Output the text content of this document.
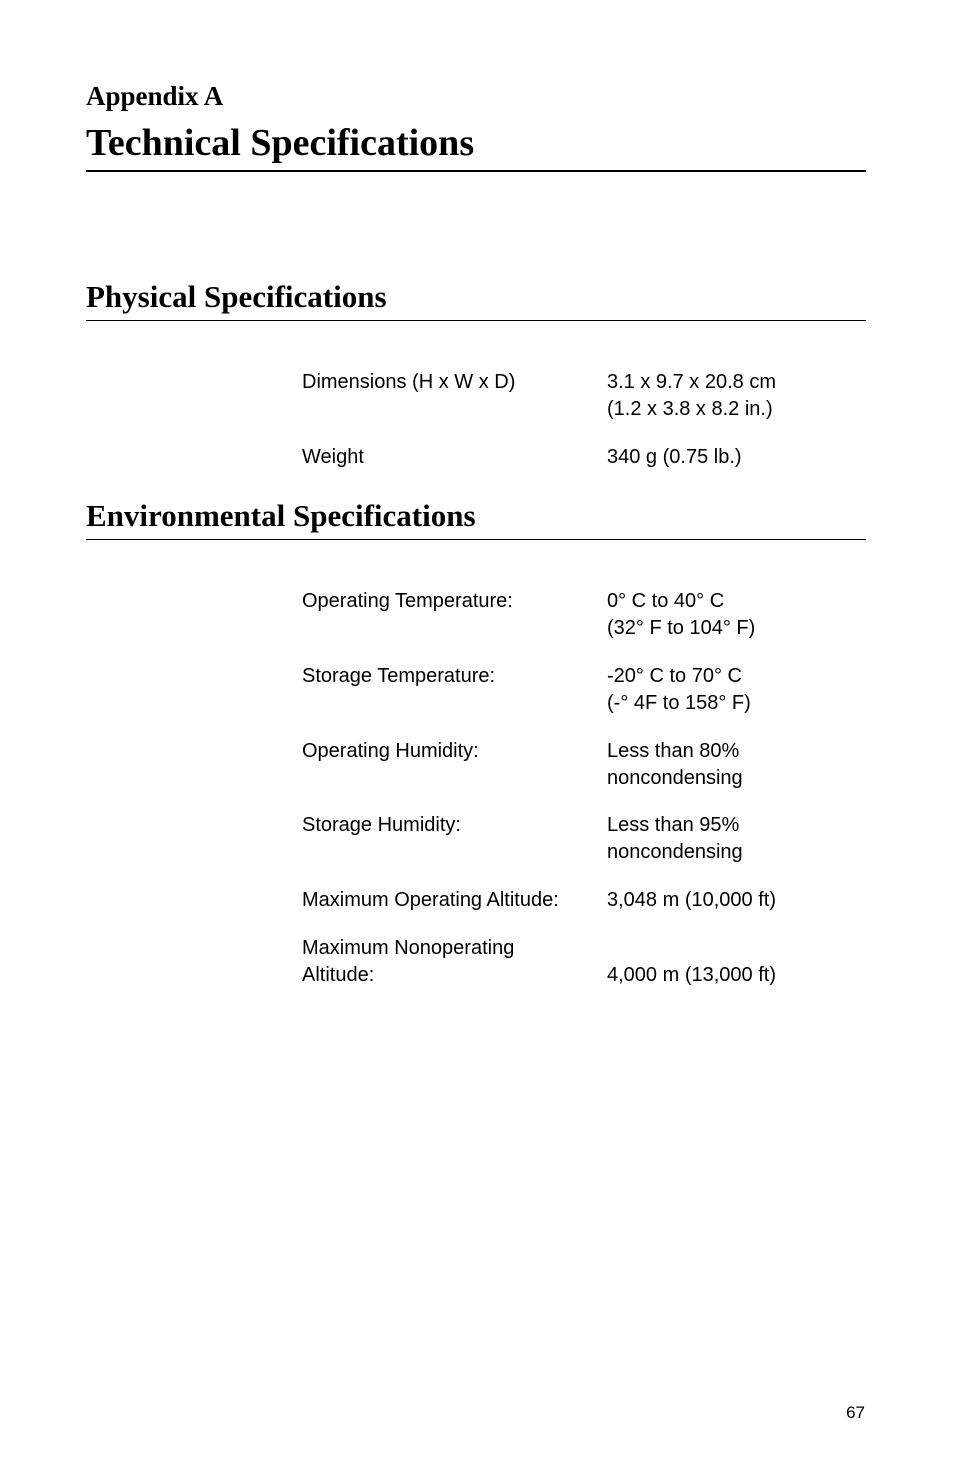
Appendix A
Technical Specifications
Physical Specifications
Dimensions (H x W x D)	3.1 x 9.7 x 20.8 cm
(1.2 x 3.8 x 8.2 in.)
Weight	340 g (0.75 lb.)
Environmental Specifications
Operating Temperature:	0° C to 40° C
(32° F to 104° F)
Storage Temperature:	-20° C to 70° C
(-° 4F to 158° F)
Operating Humidity:	Less than 80%
noncondensing
Storage Humidity:	Less than 95%
noncondensing
Maximum Operating Altitude: 3,048 m (10,000 ft)
Maximum Nonoperating
Altitude:	4,000 m (13,000 ft)
67
